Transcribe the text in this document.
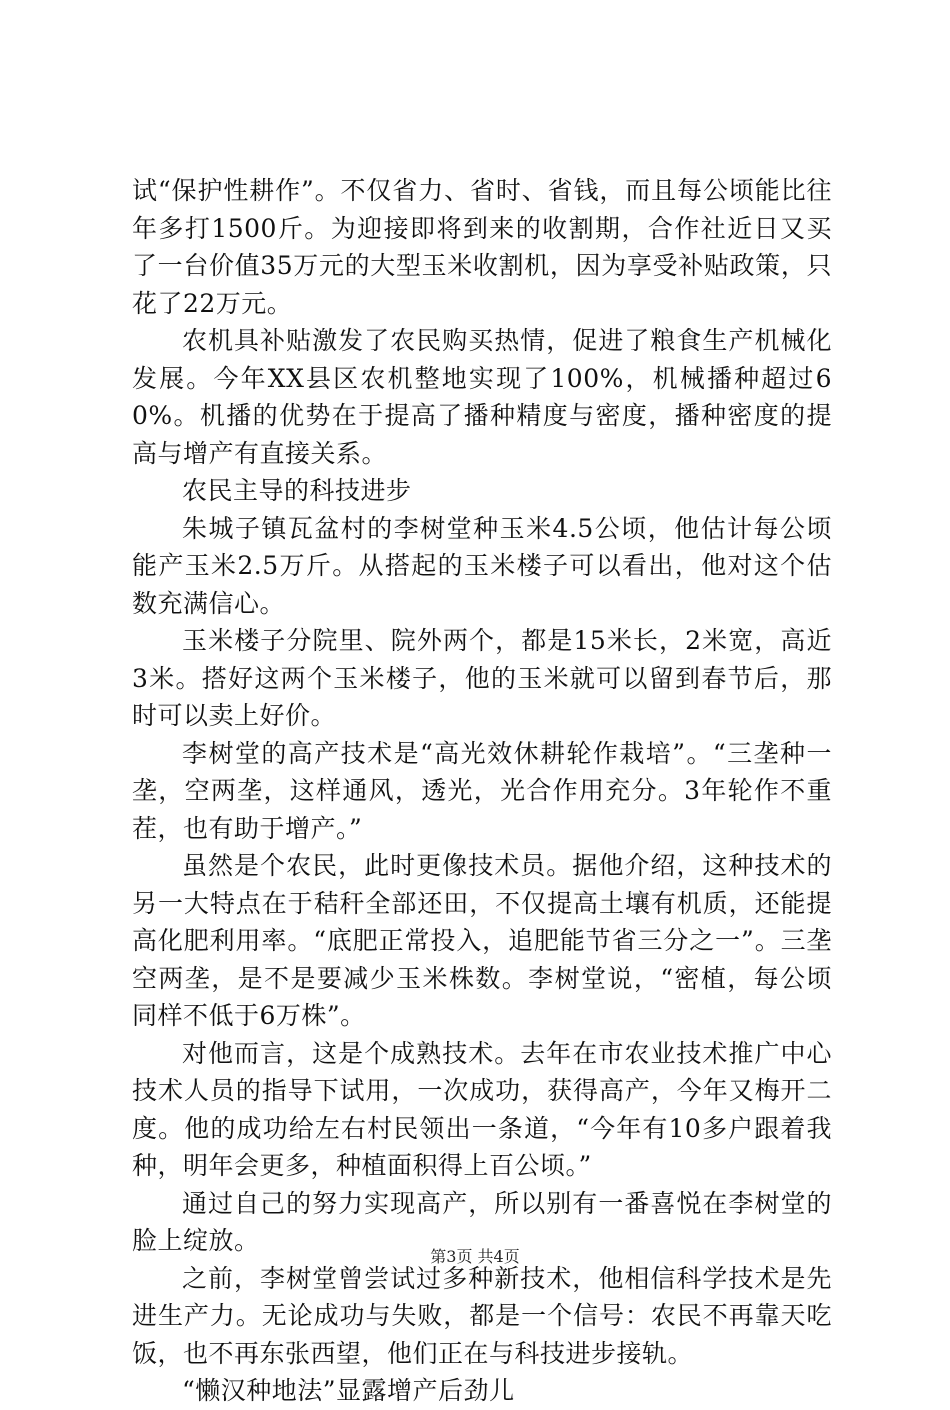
试“保护性耕作”。不仅省力、省时、省钱，而且每公顷能比往年多打1500斤。为迎接即将到来的收割期，合作社近日又买了一台价值35万元的大型玉米收割机，因为享受补贴政策，只花了22万元。

农机具补贴激发了农民购买热情，促进了粮食生产机械化发展。今年XX县区农机整地实现了100%，机械播种超过60%。机播的优势在于提高了播种精度与密度，播种密度的提高与增产有直接关系。

农民主导的科技进步

朱城子镇瓦盆村的李树堂种玉米4.5公顷，他估计每公顷能产玉米2.5万斤。从搭起的玉米楼子可以看出，他对这个估数充满信心。

玉米楼子分院里、院外两个，都是15米长，2米宽，高近3米。搭好这两个玉米楼子，他的玉米就可以留到春节后，那时可以卖上好价。

李树堂的高产技术是“高光效休耕轮作栽培”。“三垄种一垄，空两垄，这样通风，透光，光合作用充分。3年轮作不重茬，也有助于增产。”

虽然是个农民，此时更像技术员。据他介绍，这种技术的另一大特点在于秸秆全部还田，不仅提高土壤有机质，还能提高化肥利用率。“底肥正常投入，追肥能节省三分之一”。三垄空两垄，是不是要减少玉米株数。李树堂说，“密植，每公顷同样不低于6万株”。

对他而言，这是个成熟技术。去年在市农业技术推广中心技术人员的指导下试用，一次成功，获得高产，今年又梅开二度。他的成功给左右村民领出一条道，“今年有10多户跟着我种，明年会更多，种植面积得上百公顷。”

通过自己的努力实现高产，所以别有一番喜悦在李树堂的脸上绽放。

之前，李树堂曾尝试过多种新技术，他相信科学技术是先进生产力。无论成功与失败，都是一个信号：农民不再靠天吃饭，也不再东张西望，他们正在与科技进步接轨。

“懒汉种地法”显露增产后劲儿

第3页 共4页
